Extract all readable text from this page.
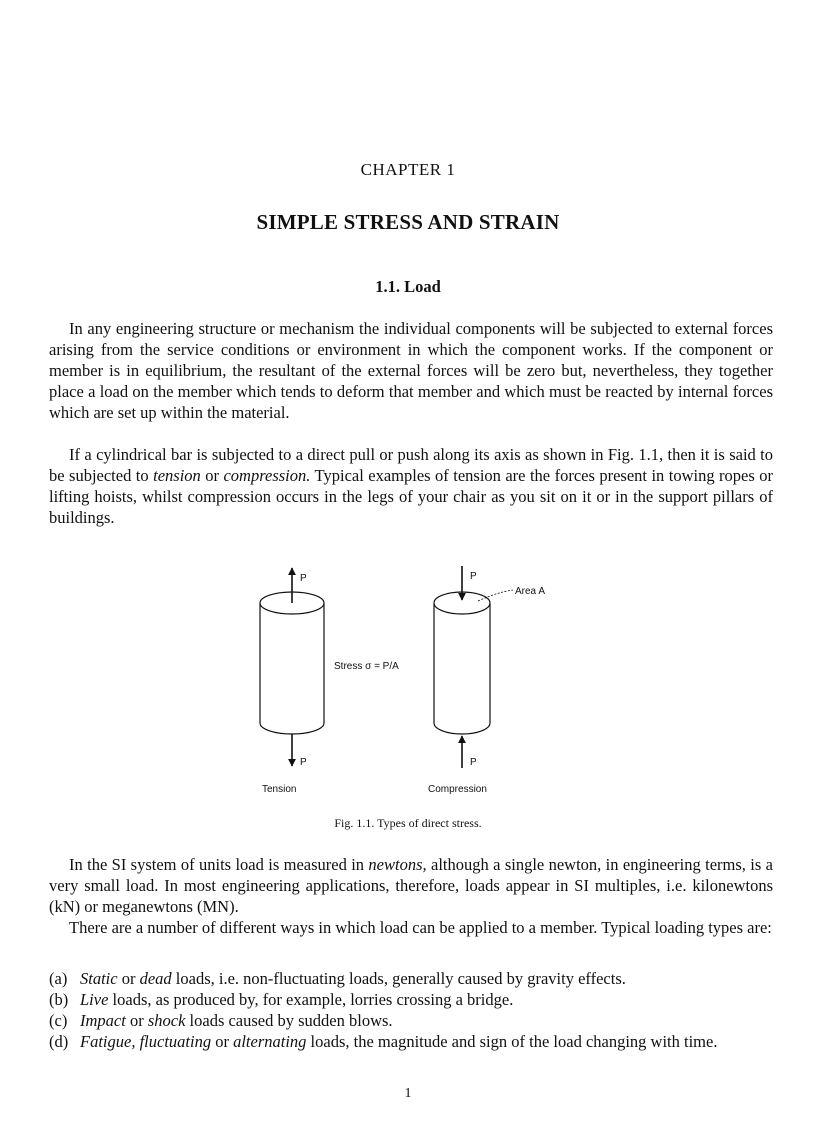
CHAPTER 1
SIMPLE STRESS AND STRAIN
1.1. Load

In any engineering structure or mechanism the individual components will be subjected to external forces arising from the service conditions or environment in which the component works. If the component or member is in equilibrium, the resultant of the external forces will be zero but, nevertheless, they together place a load on the member which tends to deform that member and which must be reacted by internal forces which are set up within the material.

If a cylindrical bar is subjected to a direct pull or push along its axis as shown in Fig. 1.1, then it is said to be subjected to tension or compression. Typical examples of tension are the forces present in towing ropes or lifting hoists, whilst compression occurs in the legs of your chair as you sit on it or in the support pillars of buildings.

P
P
Tension
P
P
Compression
Area A
Stress σ = P/A
Fig. 1.1. Types of direct stress.

In the SI system of units load is measured in newtons, although a single newton, in engineering terms, is a very small load. In most engineering applications, therefore, loads appear in SI multiples, i.e. kilonewtons (kN) or meganewtons (MN).

There are a number of different ways in which load can be applied to a member. Typical loading types are:

(a) Static or dead loads, i.e. non-fluctuating loads, generally caused by gravity effects.
(b) Live loads, as produced by, for example, lorries crossing a bridge.
(c) Impact or shock loads caused by sudden blows.
(d) Fatigue, fluctuating or alternating loads, the magnitude and sign of the load changing with time.
1
